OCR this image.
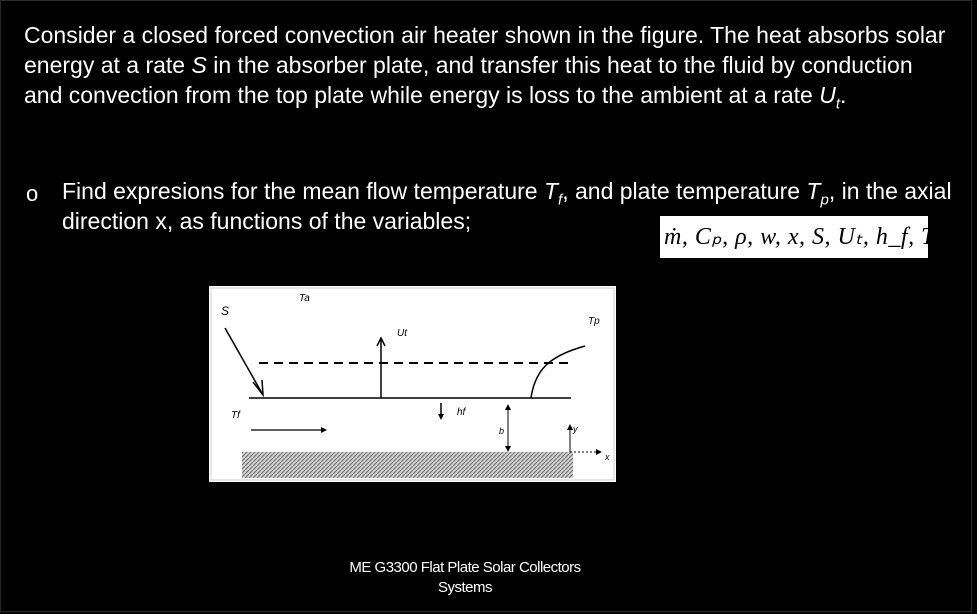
Consider a closed forced convection air heater shown in the figure. The heat absorbs solar energy at a rate S in the absorber plate, and transfer this heat to the fluid by conduction and convection from the top plate while energy is loss to the ambient at a rate $U_t$.

o Find expresions for the mean flow temperature $T_f$, and plate temperature $T_p$, in the axial direction x, as functions of the variables;

ṁ, Cₚ, ρ, w, x, S, Uₜ, h_f, Tₐ.
S
Ta
Ut
Tp
Tf	hf
b	y
x

ME G3300 Flat Plate Solar Collectors
Systems
